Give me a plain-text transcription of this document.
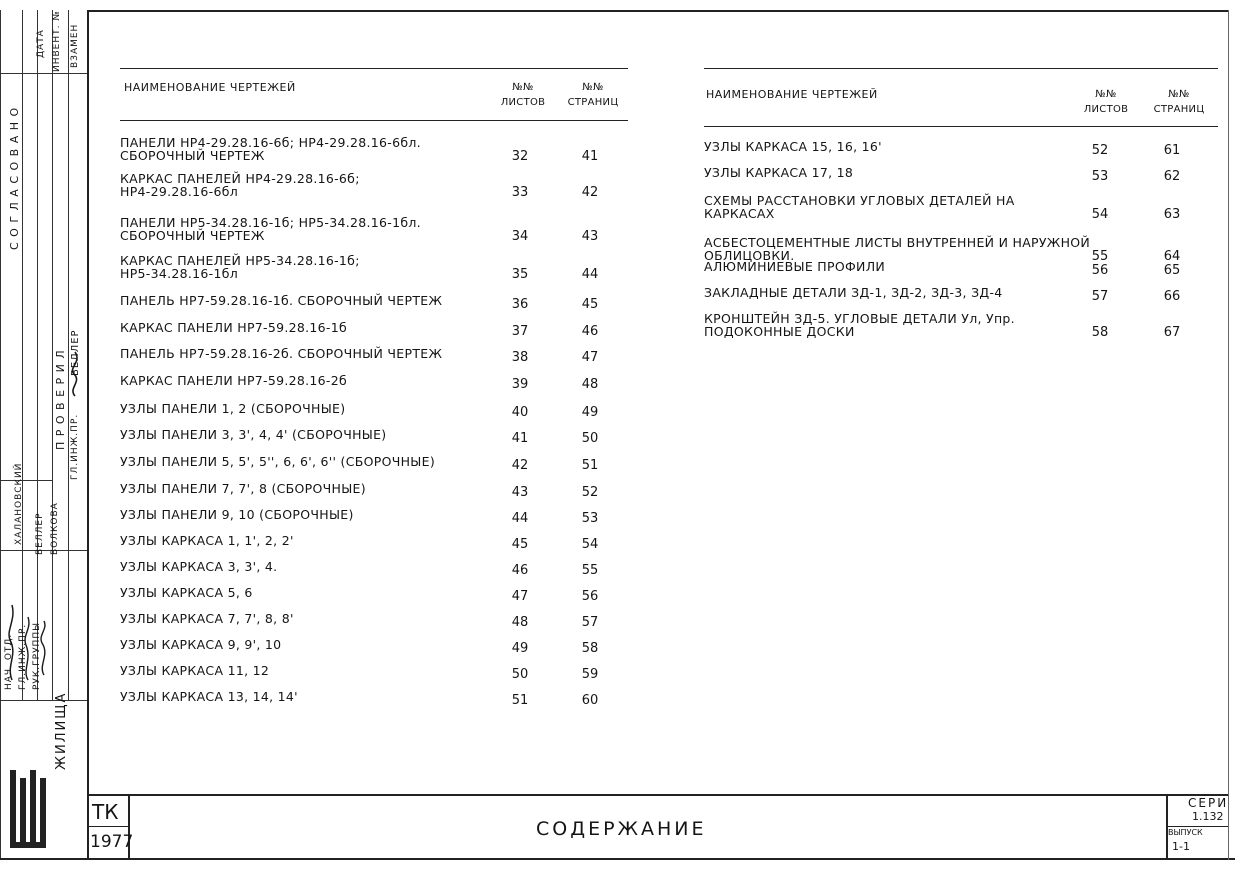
ДАТА ИНВЕНТ. № ВЗАМЕН
С О Г Л А С О В А Н О
П Р О В Е Р И Л ГЛ.ИНЖ.ПР.
ВЕЛЛЕР
НАЧ. ОТД. ГЛ.ИНЖ.ПР. РУК.ГРУППЫ
ХАЛАНОВСКИЙ ВЕЛЛЕР ВОЛКОВА
ЖИЛИЩА
НАИМЕНОВАНИЕ ЧЕРТЕЖЕЙ	№№
ЛИСТОВ
№№
СТРАНИЦ
ПАНЕЛИ НР4-29.28.16-6б; НР4-29.28.16-6бл.
СБОРОЧНЫЙ ЧЕРТЕЖ	32	41
КАРКАС ПАНЕЛЕЙ НР4-29.28.16-6б;
НР4-29.28.16-6бл	33	42
ПАНЕЛИ НР5-34.28.16-1б; НР5-34.28.16-1бл.
СБОРОЧНЫЙ ЧЕРТЕЖ	34	43
КАРКАС ПАНЕЛЕЙ НР5-34.28.16-1б;
НР5-34.28.16-1бл	35	44
ПАНЕЛЬ НР7-59.28.16-1б. СБОРОЧНЫЙ ЧЕРТЕЖ	36	45
КАРКАС ПАНЕЛИ НР7-59.28.16-1б	37	46
ПАНЕЛЬ НР7-59.28.16-2б. СБОРОЧНЫЙ ЧЕРТЕЖ	38	47
КАРКАС ПАНЕЛИ НР7-59.28.16-2б	39	48
УЗЛЫ ПАНЕЛИ 1, 2 (СБОРОЧНЫЕ)	40	49
УЗЛЫ ПАНЕЛИ 3, 3', 4, 4' (СБОРОЧНЫЕ)	41	50
УЗЛЫ ПАНЕЛИ 5, 5', 5'', 6, 6', 6'' (СБОРОЧНЫЕ)	42	51
УЗЛЫ ПАНЕЛИ 7, 7', 8 (СБОРОЧНЫЕ)	43	52
УЗЛЫ ПАНЕЛИ 9, 10 (СБОРОЧНЫЕ)	44	53
УЗЛЫ КАРКАСА 1, 1', 2, 2'	45	54
УЗЛЫ КАРКАСА 3, 3', 4.	46	55
УЗЛЫ КАРКАСА 5, 6	47	56
УЗЛЫ КАРКАСА 7, 7', 8, 8'	48	57
УЗЛЫ КАРКАСА 9, 9', 10	49	58
УЗЛЫ КАРКАСА 11, 12	50	59
УЗЛЫ КАРКАСА 13, 14, 14'	51	60
НАИМЕНОВАНИЕ ЧЕРТЕЖЕЙ	№№
ЛИСТОВ
№№
СТРАНИЦ
УЗЛЫ КАРКАСА 15, 16, 16'	52	61
УЗЛЫ КАРКАСА 17, 18	53	62
СХЕМЫ РАССТАНОВКИ УГЛОВЫХ ДЕТАЛЕЙ НА
КАРКАСАХ	54	63
АСБЕСТОЦЕМЕНТНЫЕ ЛИСТЫ ВНУТРЕННЕЙ И НАРУЖНОЙ
ОБЛИЦОВКИ.	55	64
АЛЮМИНИЕВЫЕ ПРОФИЛИ	56	65
ЗАКЛАДНЫЕ ДЕТАЛИ ЗД-1, ЗД-2, ЗД-3, ЗД-4	57	66
КРОНШТЕЙН ЗД-5. УГЛОВЫЕ ДЕТАЛИ Ул, Упр.
ПОДОКОННЫЕ ДОСКИ	58	67
ТК
1977
СОДЕРЖАНИЕ
СЕРИ
1.132
ВЫПУСК
1-1
